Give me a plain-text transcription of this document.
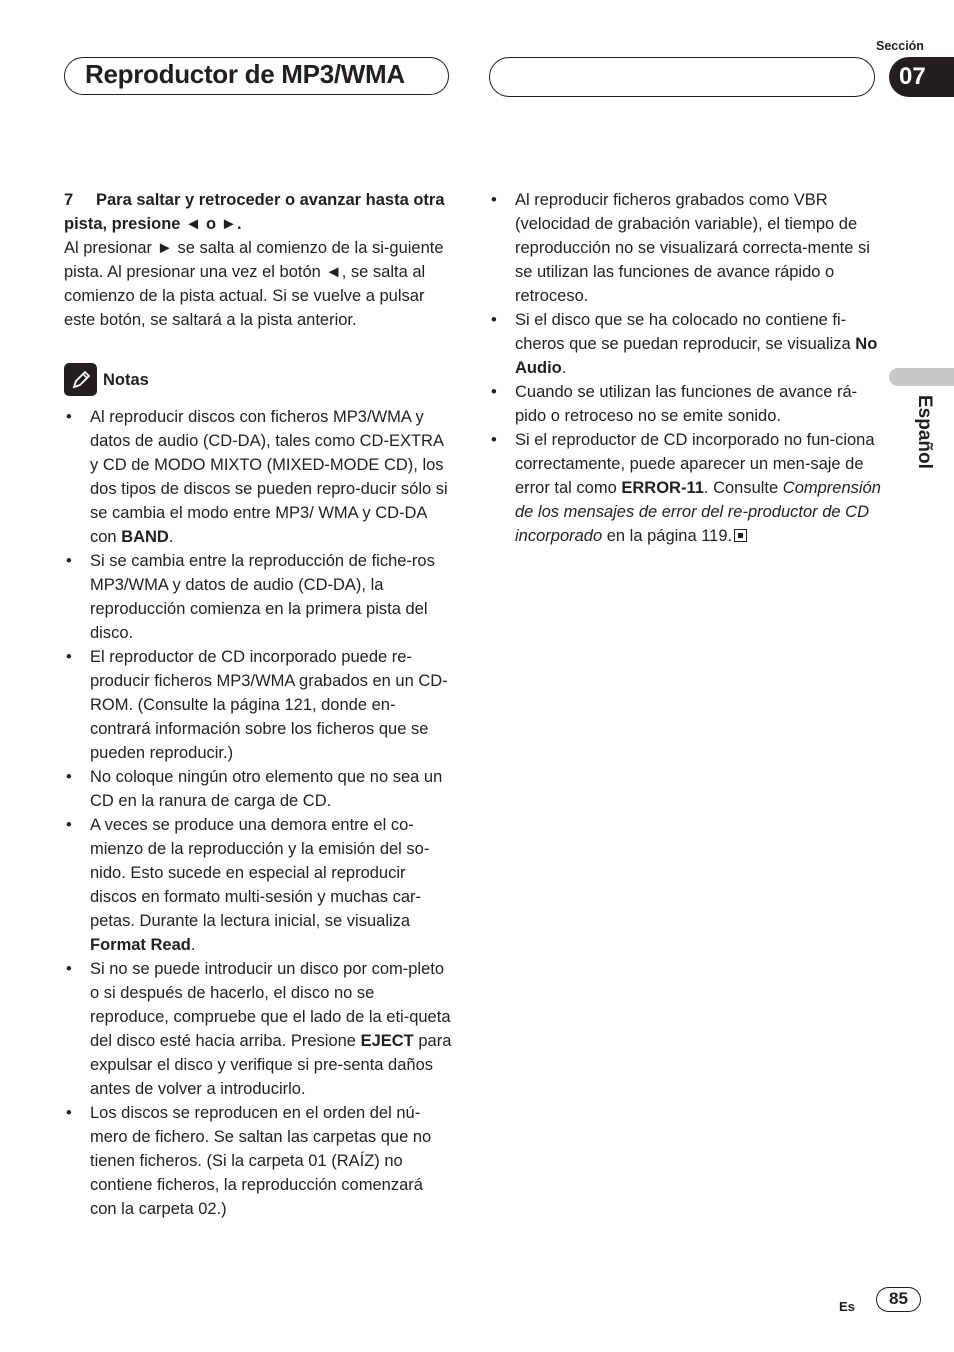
Reproductor de MP3/WMA
Sección
07
Español

7 Para saltar y retroceder o avanzar hasta otra pista, presione ◄ o ►.

Al presionar ► se salta al comienzo de la si-guiente pista. Al presionar una vez el botón ◄, se salta al comienzo de la pista actual. Si se vuelve a pulsar este botón, se saltará a la pista anterior.

Notas
• Al reproducir discos con ficheros MP3/WMA y datos de audio (CD-DA), tales como CD-EXTRA y CD de MODO MIXTO (MIXED-MODE CD), los dos tipos de discos se pueden repro-ducir sólo si se cambia el modo entre MP3/ WMA y CD-DA con BAND.
• Si se cambia entre la reproducción de fiche-ros MP3/WMA y datos de audio (CD-DA), la reproducción comienza en la primera pista del disco.
• El reproductor de CD incorporado puede re-producir ficheros MP3/WMA grabados en un CD-ROM. (Consulte la página 121, donde en-contrará información sobre los ficheros que se pueden reproducir.)
• No coloque ningún otro elemento que no sea un CD en la ranura de carga de CD.
• A veces se produce una demora entre el co-mienzo de la reproducción y la emisión del so-nido. Esto sucede en especial al reproducir discos en formato multi-sesión y muchas car-petas. Durante la lectura inicial, se visualiza Format Read.
• Si no se puede introducir un disco por com-pleto o si después de hacerlo, el disco no se reproduce, compruebe que el lado de la eti-queta del disco esté hacia arriba. Presione EJECT para expulsar el disco y verifique si pre-senta daños antes de volver a introducirlo.
• Los discos se reproducen en el orden del nú-mero de fichero. Se saltan las carpetas que no tienen ficheros. (Si la carpeta 01 (RAÍZ) no contiene ficheros, la reproducción comenzará con la carpeta 02.)
• Al reproducir ficheros grabados como VBR (velocidad de grabación variable), el tiempo de reproducción no se visualizará correcta-mente si se utilizan las funciones de avance rápido o retroceso.
• Si el disco que se ha colocado no contiene fi-cheros que se puedan reproducir, se visualiza No Audio.
• Cuando se utilizan las funciones de avance rá-pido o retroceso no se emite sonido.
• Si el reproductor de CD incorporado no fun-ciona correctamente, puede aparecer un men-saje de error tal como ERROR-11. Consulte Comprensión de los mensajes de error del re-productor de CD incorporado en la página 119.
Es	85
